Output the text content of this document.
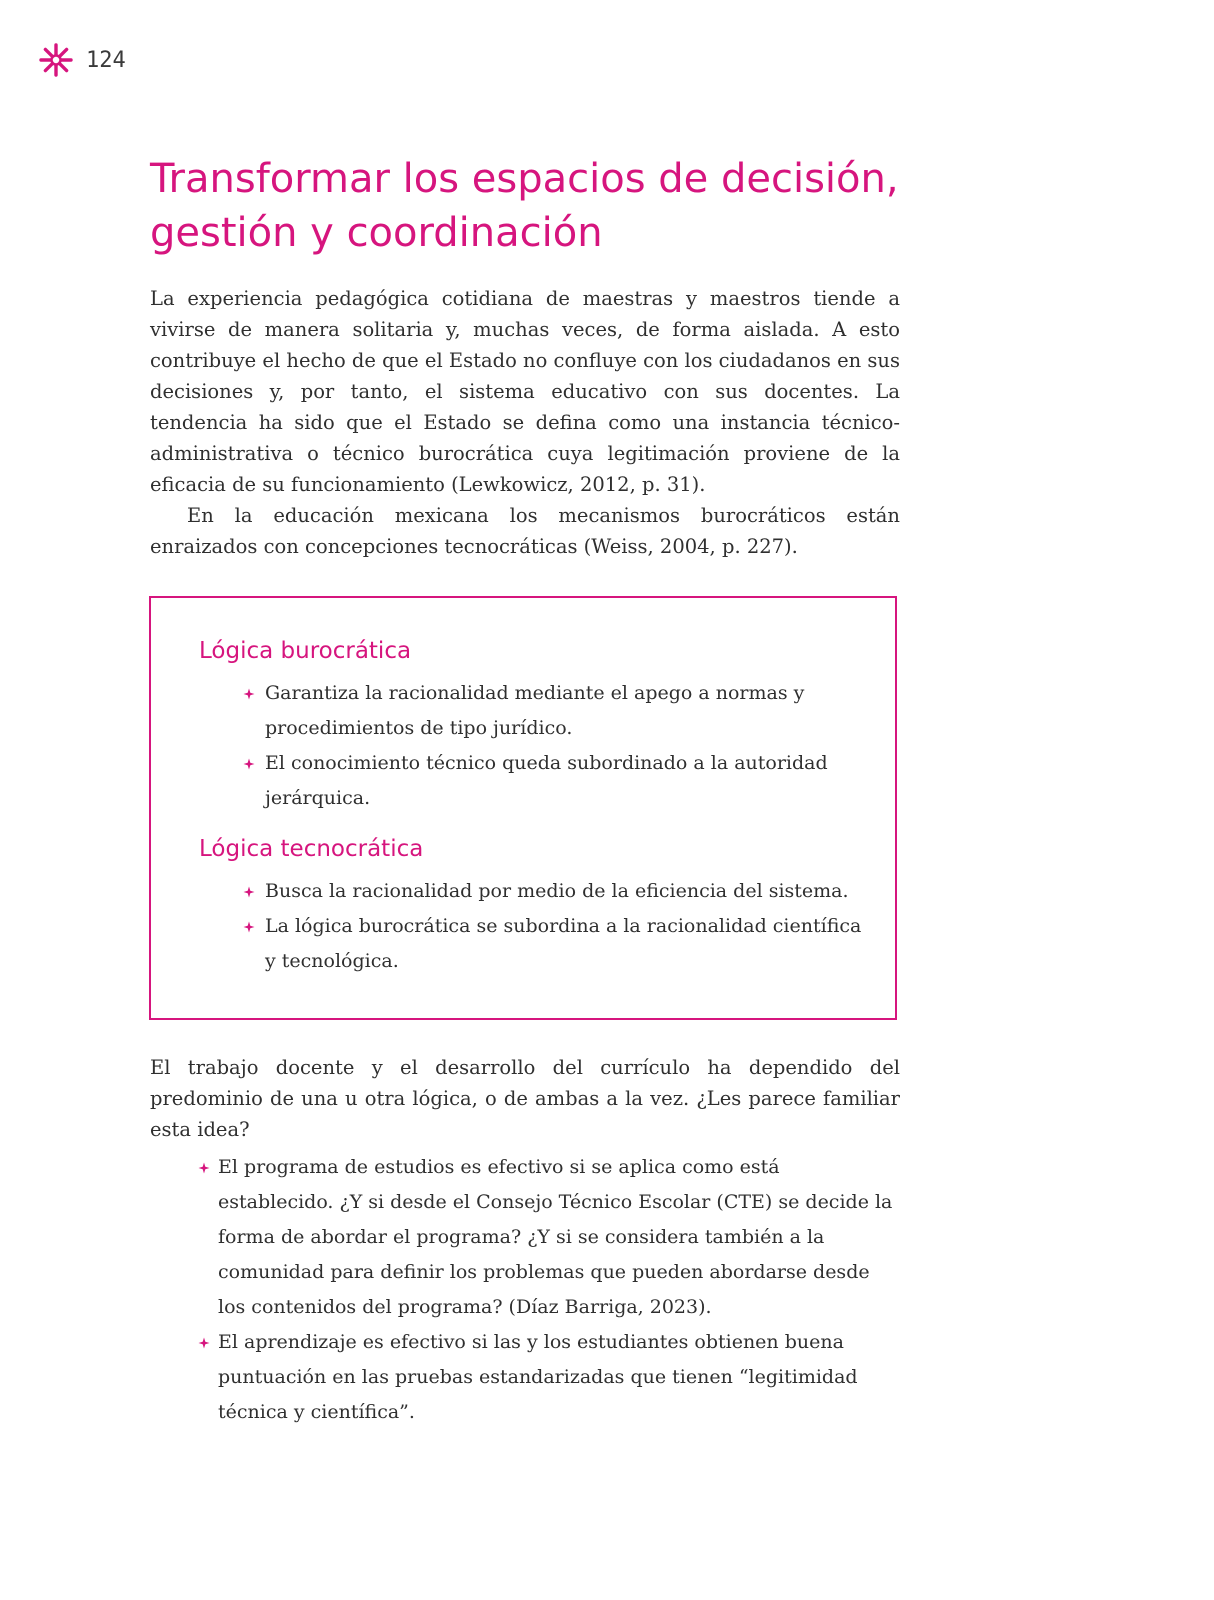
124
Transformar los espacios de decisión, gestión y coordinación

La experiencia pedagógica cotidiana de maestras y maestros tiende a vivirse de manera solitaria y, muchas veces, de forma aislada. A esto contribuye el hecho de que el Estado no confluye con los ciudadanos en sus decisiones y, por tanto, el sistema educativo con sus docentes. La tendencia ha sido que el Estado se defina como una instancia técnico-administrativa o técnico burocrática cuya legitimación proviene de la eficacia de su funcionamiento (Lewkowicz, 2012, p. 31).

En la educación mexicana los mecanismos burocráticos están enraizados con concepciones tecnocráticas (Weiss, 2004, p. 227).

Lógica burocrática
Garantiza la racionalidad mediante el apego a normas y procedimientos de tipo jurídico.
El conocimiento técnico queda subordinado a la autoridad jerárquica.
Lógica tecnocrática
Busca la racionalidad por medio de la eficiencia del sistema.
La lógica burocrática se subordina a la racionalidad científica y tecnológica.

El trabajo docente y el desarrollo del currículo ha dependido del predominio de una u otra lógica, o de ambas a la vez. ¿Les parece familiar esta idea?

El programa de estudios es efectivo si se aplica como está establecido. ¿Y si desde el Consejo Técnico Escolar (CTE) se decide la forma de abordar el programa? ¿Y si se considera también a la comunidad para definir los problemas que pueden abordarse desde los contenidos del programa? (Díaz Barriga, 2023).
El aprendizaje es efectivo si las y los estudiantes obtienen buena puntuación en las pruebas estandarizadas que tienen “legitimidad técnica y científica”.
